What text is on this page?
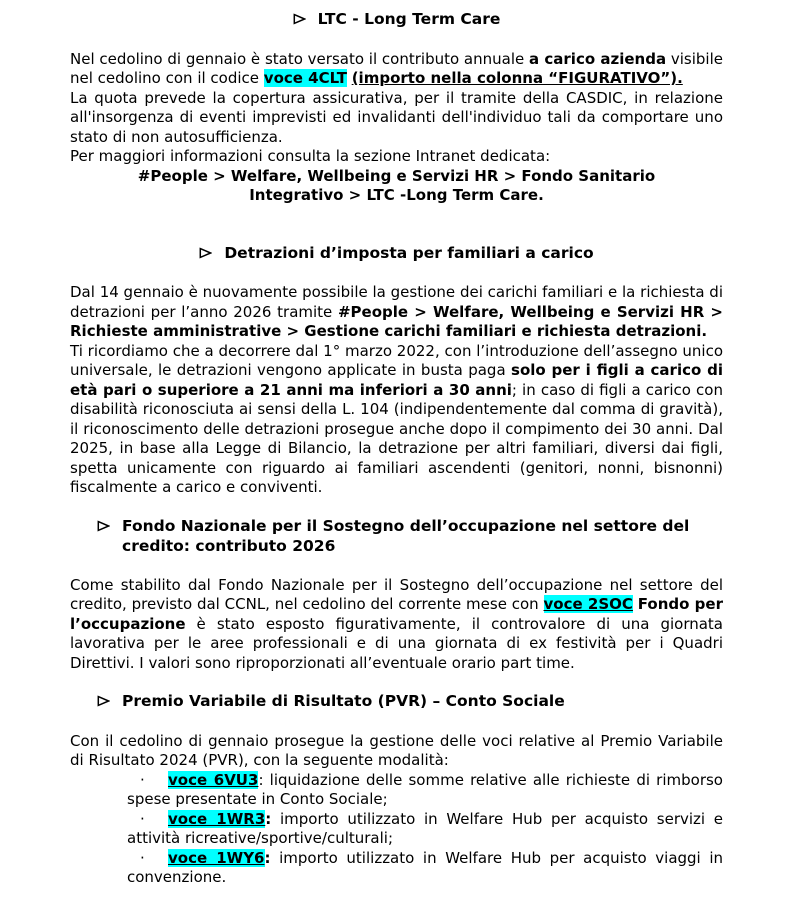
LTC - Long Term Care

Nel cedolino di gennaio è stato versato il contributo annuale a carico azienda visibile nel cedolino con il codice voce 4CLT (importo nella colonna “FIGURATIVO”).

La quota prevede la copertura assicurativa, per il tramite della CASDIC, in relazione all'insorgenza di eventi imprevisti ed invalidanti dell'individuo tali da comportare uno stato di non autosufficienza.

Per maggiori informazioni consulta la sezione Intranet dedicata:

#People > Welfare, Wellbeing e Servizi HR > Fondo Sanitario
Integrativo > LTC -Long Term Care.

Detrazioni d’imposta per familiari a carico

Dal 14 gennaio è nuovamente possibile la gestione dei carichi familiari e la richiesta di detrazioni per l’anno 2026 tramite #People > Welfare, Wellbeing e Servizi HR > Richieste amministrative > Gestione carichi familiari e richiesta detrazioni.

Ti ricordiamo che a decorrere dal 1° marzo 2022, con l’introduzione dell’assegno unico universale, le detrazioni vengono applicate in busta paga solo per i figli a carico di età pari o superiore a 21 anni ma inferiori a 30 anni; in caso di figli a carico con disabilità riconosciuta ai sensi della L. 104 (indipendentemente dal comma di gravità), il riconoscimento delle detrazioni prosegue anche dopo il compimento dei 30 anni. Dal 2025, in base alla Legge di Bilancio, la detrazione per altri familiari, diversi dai figli, spetta unicamente con riguardo ai familiari ascendenti (genitori, nonni, bisnonni) fiscalmente a carico e conviventi.

Fondo Nazionale per il Sostegno dell’occupazione nel settore del
credito: contributo 2026

Come stabilito dal Fondo Nazionale per il Sostegno dell’occupazione nel settore del credito, previsto dal CCNL, nel cedolino del corrente mese con voce 2SOC Fondo per l’occupazione è stato esposto figurativamente, il controvalore di una giornata lavorativa per le aree professionali e di una giornata di ex festività per i Quadri Direttivi. I valori sono riproporzionati all’eventuale orario part time.

Premio Variabile di Risultato (PVR) – Conto Sociale

Con il cedolino di gennaio prosegue la gestione delle voci relative al Premio Variabile di Risultato 2024 (PVR), con la seguente modalità:

· voce 6VU3: liquidazione delle somme relative alle richieste di rimborso spese presentate in Conto Sociale;

· voce 1WR3: importo utilizzato in Welfare Hub per acquisto servizi e attività ricreative/sportive/culturali;

· voce 1WY6: importo utilizzato in Welfare Hub per acquisto viaggi in convenzione.
